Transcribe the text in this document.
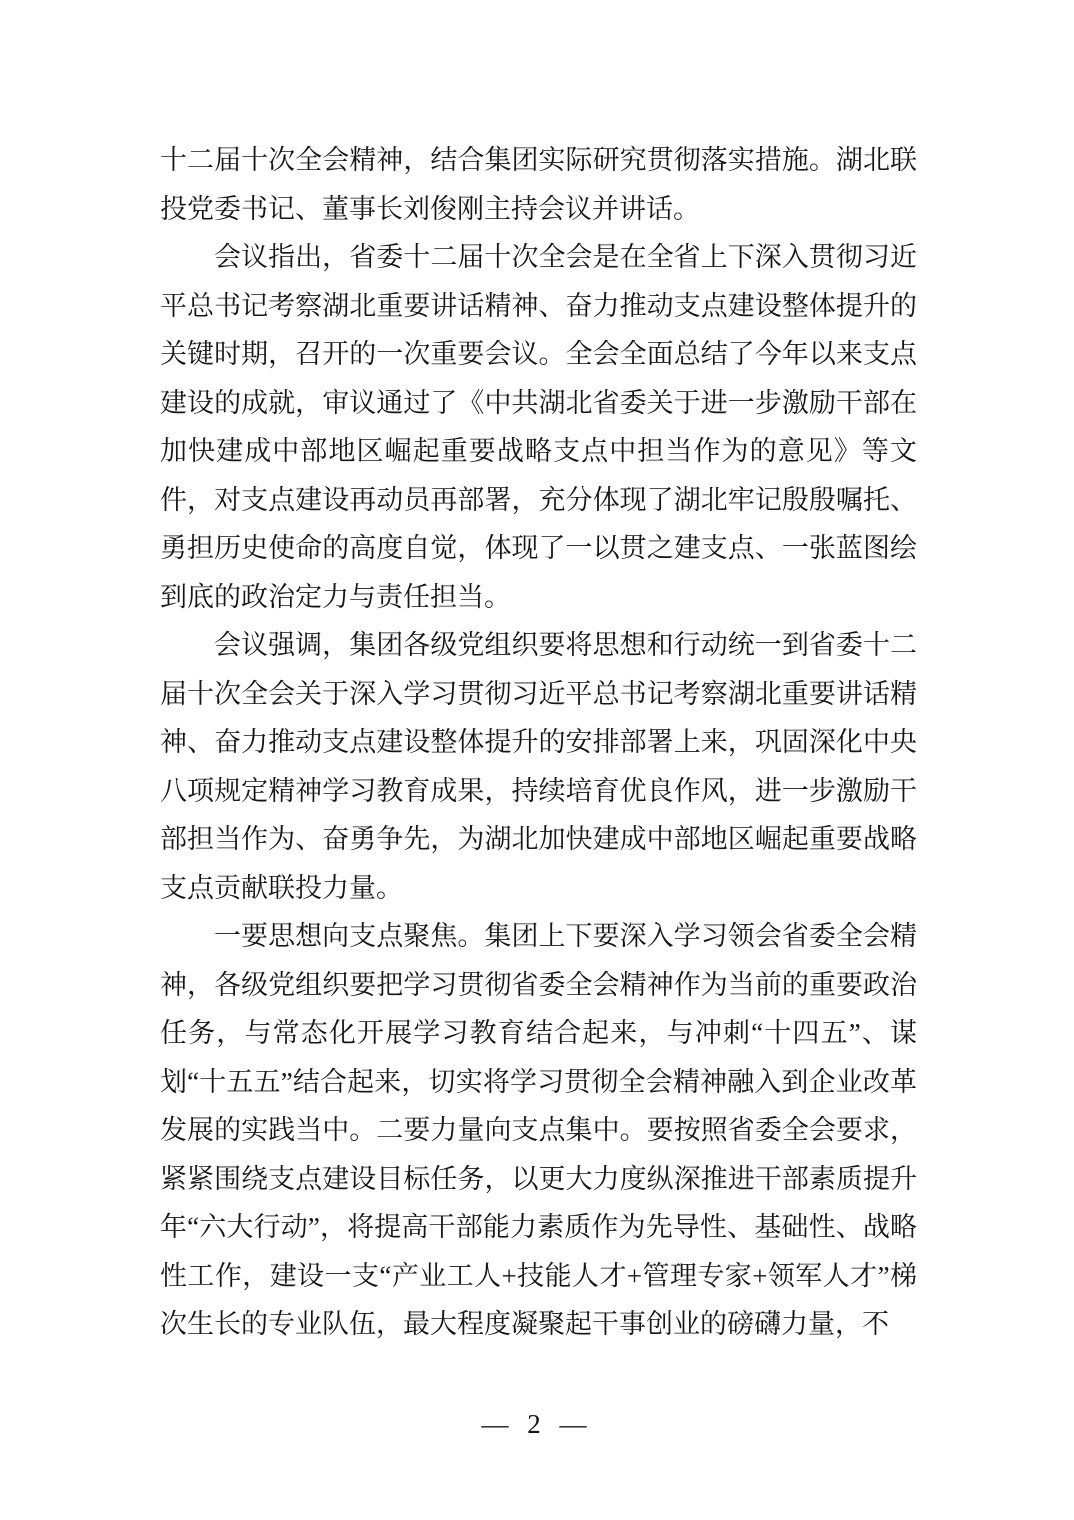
十二届十次全会精神，结合集团实际研究贯彻落实措施。湖北联投党委书记、董事长刘俊刚主持会议并讲话。

会议指出，省委十二届十次全会是在全省上下深入贯彻习近平总书记考察湖北重要讲话精神、奋力推动支点建设整体提升的关键时期，召开的一次重要会议。全会全面总结了今年以来支点建设的成就，审议通过了《中共湖北省委关于进一步激励干部在加快建成中部地区崛起重要战略支点中担当作为的意见》等文件，对支点建设再动员再部署，充分体现了湖北牢记殷殷嘱托、勇担历史使命的高度自觉，体现了一以贯之建支点、一张蓝图绘到底的政治定力与责任担当。

会议强调，集团各级党组织要将思想和行动统一到省委十二届十次全会关于深入学习贯彻习近平总书记考察湖北重要讲话精神、奋力推动支点建设整体提升的安排部署上来，巩固深化中央八项规定精神学习教育成果，持续培育优良作风，进一步激励干部担当作为、奋勇争先，为湖北加快建成中部地区崛起重要战略支点贡献联投力量。

一要思想向支点聚焦。集团上下要深入学习领会省委全会精神，各级党组织要把学习贯彻省委全会精神作为当前的重要政治任务，与常态化开展学习教育结合起来，与冲刺“十四五”、谋划“十五五”结合起来，切实将学习贯彻全会精神融入到企业改革发展的实践当中。二要力量向支点集中。要按照省委全会要求，紧紧围绕支点建设目标任务，以更大力度纵深推进干部素质提升年“六大行动”，将提高干部能力素质作为先导性、基础性、战略性工作，建设一支“产业工人+技能人才+管理专家+领军人才”梯次生长的专业队伍，最大程度凝聚起干事创业的磅礴力量，不

— 2 —
